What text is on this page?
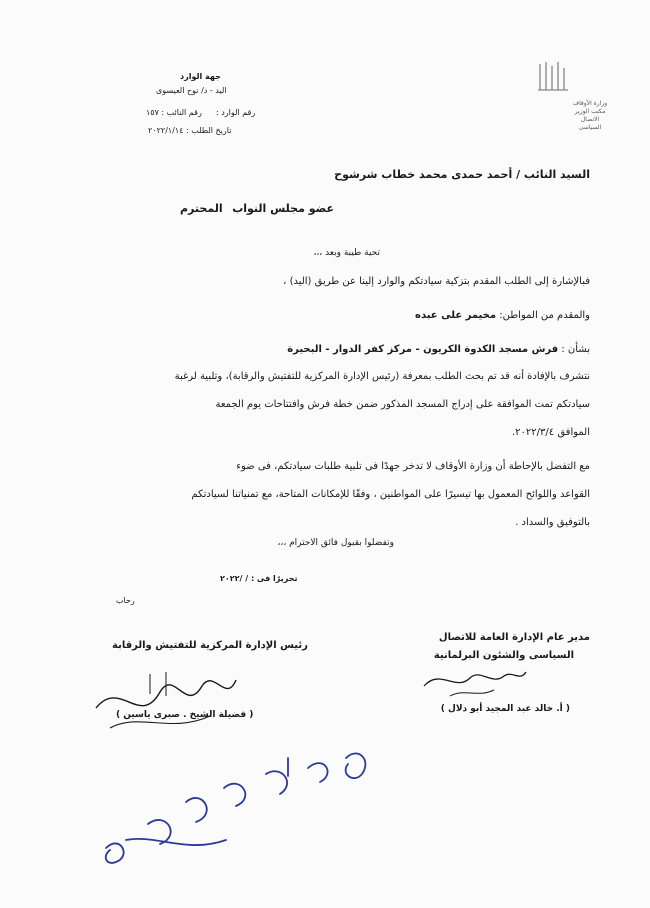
وزارة الأوقاف
مكتب الوزير
الاتصال السياسى
جهة الوارد
اليد - د/ نوح العيسوى
رقم الوارد :
رقم النائب : ١٥٧
تاريخ الطلب : ٢٠٢٢/١/١٤
السيد النائب / أحمد حمدى محمد خطاب شرشوح
عضو مجلس النواب
المحترم
تحية طيبة وبعد ،،،
فبالإشارة إلى الطلب المقدم بتزكية سيادتكم والوارد إلينا عن طريق (اليد) ،
والمقدم من المواطن: مخيمر على عبده
بشأن : فرش مسجد الكدوة الكريون - مركز كفر الدوار - البحيرة
نتشرف بالإفادة أنه قد تم بحث الطلب بمعرفة (رئيس الإدارة المركزية للتفتيش والرقابة)، وتلبية لرغبة
سيادتكم تمت الموافقة على إدراج المسجد المذكور ضمن خطة فرش وافتتاحات يوم الجمعة
الموافق ٢٠٢٢/٣/٤.
مع التفضل بالإحاطة أن وزارة الأوقاف لا تدخر جهدًا فى تلبية طلبات سيادتكم، فى ضوء
القواعد واللوائح المعمول بها تيسيرًا على المواطنين ، وفقًا للإمكانات المتاحة، مع تمنياتنا لسيادتكم
بالتوفيق والسداد .
وتفضلوا بقبول فائق الاحترام ،،،
تحريرًا فى : / /٢٠٢٢
رحاب
مدير عام الإدارة العامة للاتصال
السياسى والشئون البرلمانية
( أ. خالد عبد المجيد أبو دلال )
رئيس الإدارة المركزية للتفتيش والرقابة
( فضيلة الشيخ . صبرى ياسين )
